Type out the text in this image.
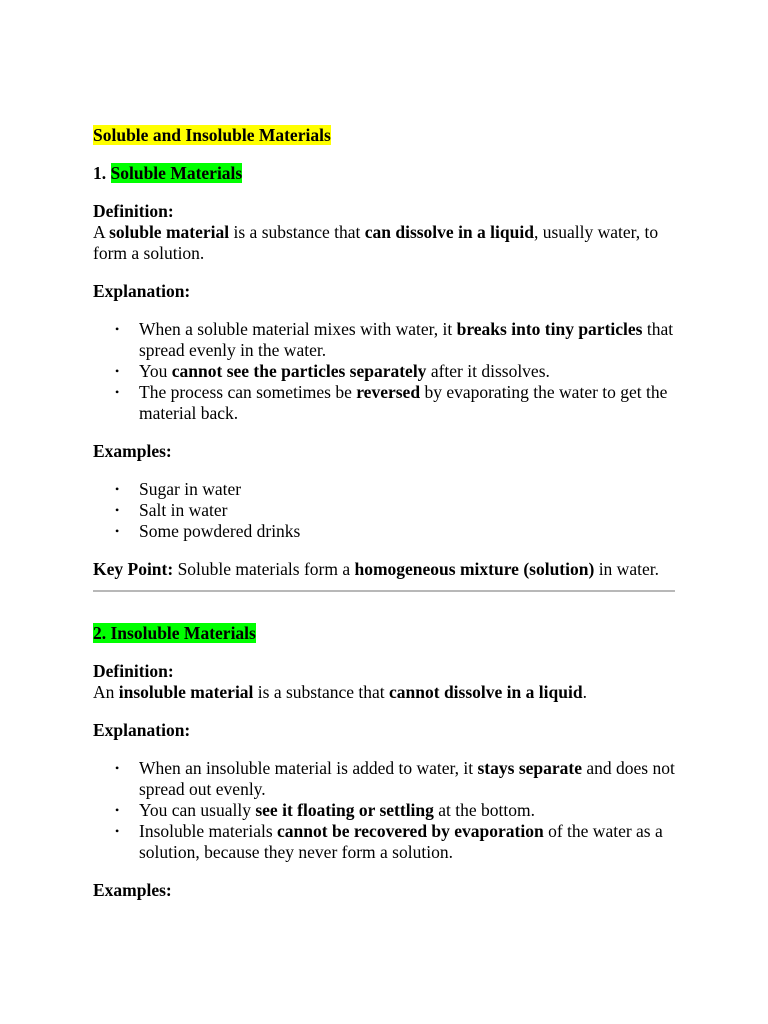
Soluble and Insoluble Materials

1. Soluble Materials

Definition:

A soluble material is a substance that can dissolve in a liquid, usually water, to form a solution.

Explanation:

• When a soluble material mixes with water, it breaks into tiny particles that spread evenly in the water.
• You cannot see the particles separately after it dissolves.
• The process can sometimes be reversed by evaporating the water to get the material back.

Examples:

• Sugar in water
• Salt in water
• Some powdered drinks

Key Point: Soluble materials form a homogeneous mixture (solution) in water.

2. Insoluble Materials

Definition:

An insoluble material is a substance that cannot dissolve in a liquid.

Explanation:

• When an insoluble material is added to water, it stays separate and does not spread out evenly.
• You can usually see it floating or settling at the bottom.
• Insoluble materials cannot be recovered by evaporation of the water as a solution, because they never form a solution.

Examples:
